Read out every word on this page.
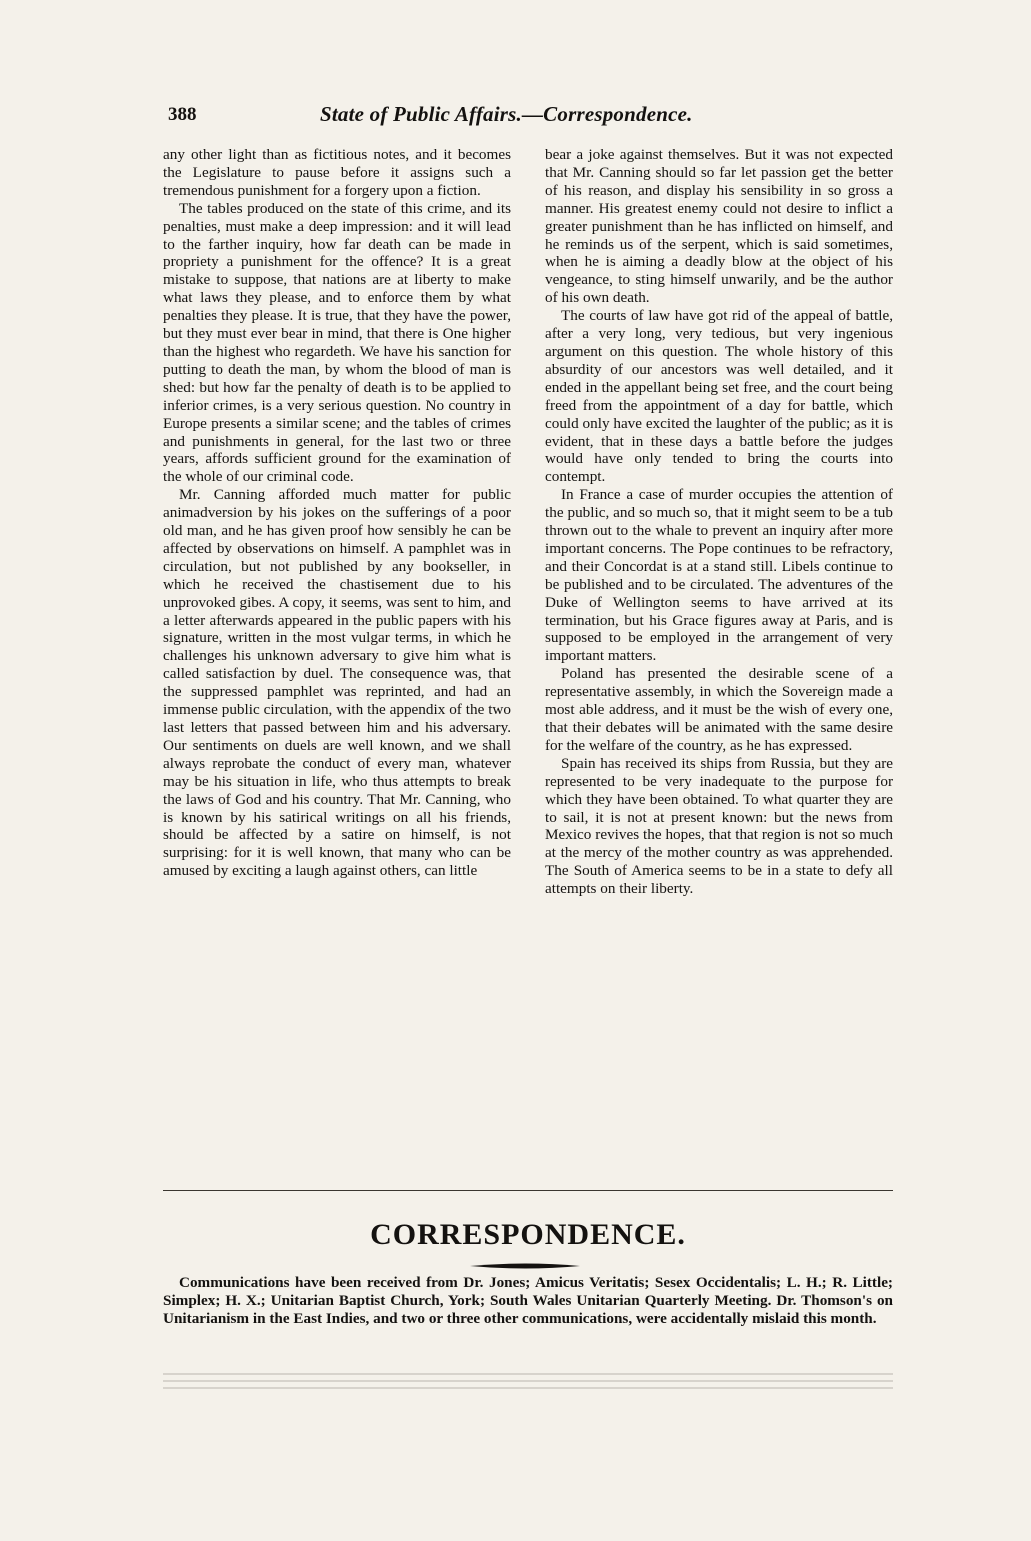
388	State of Public Affairs.—Correspondence.

any other light than as fictitious notes, and it becomes the Legislature to pause before it assigns such a tremendous punishment for a forgery upon a fiction.

The tables produced on the state of this crime, and its penalties, must make a deep impression: and it will lead to the farther inquiry, how far death can be made in propriety a punishment for the offence? It is a great mistake to suppose, that nations are at liberty to make what laws they please, and to enforce them by what penalties they please. It is true, that they have the power, but they must ever bear in mind, that there is One higher than the highest who regardeth. We have his sanction for putting to death the man, by whom the blood of man is shed: but how far the penalty of death is to be applied to inferior crimes, is a very serious question. No country in Europe presents a similar scene; and the tables of crimes and punishments in general, for the last two or three years, affords sufficient ground for the examination of the whole of our criminal code.

Mr. Canning afforded much matter for public animadversion by his jokes on the sufferings of a poor old man, and he has given proof how sensibly he can be affected by observations on himself. A pamphlet was in circulation, but not published by any bookseller, in which he received the chastisement due to his unprovoked gibes. A copy, it seems, was sent to him, and a letter afterwards appeared in the public papers with his signature, written in the most vulgar terms, in which he challenges his unknown adversary to give him what is called satisfaction by duel. The consequence was, that the suppressed pamphlet was reprinted, and had an immense public circulation, with the appendix of the two last letters that passed between him and his adversary. Our sentiments on duels are well known, and we shall always reprobate the conduct of every man, whatever may be his situation in life, who thus attempts to break the laws of God and his country. That Mr. Canning, who is known by his satirical writings on all his friends, should be affected by a satire on himself, is not surprising: for it is well known, that many who can be amused by exciting a laugh against others, can little

bear a joke against themselves. But it was not expected that Mr. Canning should so far let passion get the better of his reason, and display his sensibility in so gross a manner. His greatest enemy could not desire to inflict a greater punishment than he has inflicted on himself, and he reminds us of the serpent, which is said sometimes, when he is aiming a deadly blow at the object of his vengeance, to sting himself unwarily, and be the author of his own death.

The courts of law have got rid of the appeal of battle, after a very long, very tedious, but very ingenious argument on this question. The whole history of this absurdity of our ancestors was well detailed, and it ended in the appellant being set free, and the court being freed from the appointment of a day for battle, which could only have excited the laughter of the public; as it is evident, that in these days a battle before the judges would have only tended to bring the courts into contempt.

In France a case of murder occupies the attention of the public, and so much so, that it might seem to be a tub thrown out to the whale to prevent an inquiry after more important concerns. The Pope continues to be refractory, and their Concordat is at a stand still. Libels continue to be published and to be circulated. The adventures of the Duke of Wellington seems to have arrived at its termination, but his Grace figures away at Paris, and is supposed to be employed in the arrangement of very important matters.

Poland has presented the desirable scene of a representative assembly, in which the Sovereign made a most able address, and it must be the wish of every one, that their debates will be animated with the same desire for the welfare of the country, as he has expressed.

Spain has received its ships from Russia, but they are represented to be very inadequate to the purpose for which they have been obtained. To what quarter they are to sail, it is not at present known: but the news from Mexico revives the hopes, that that region is not so much at the mercy of the mother country as was apprehended. The South of America seems to be in a state to defy all attempts on their liberty.

CORRESPONDENCE.

Communications have been received from Dr. Jones; Amicus Veritatis; Sesex Occidentalis; L. H.; R. Little; Simplex; H. X.; Unitarian Baptist Church, York; South Wales Unitarian Quarterly Meeting. Dr. Thomson's on Unitarianism in the East Indies, and two or three other communications, were accidentally mislaid this month.
